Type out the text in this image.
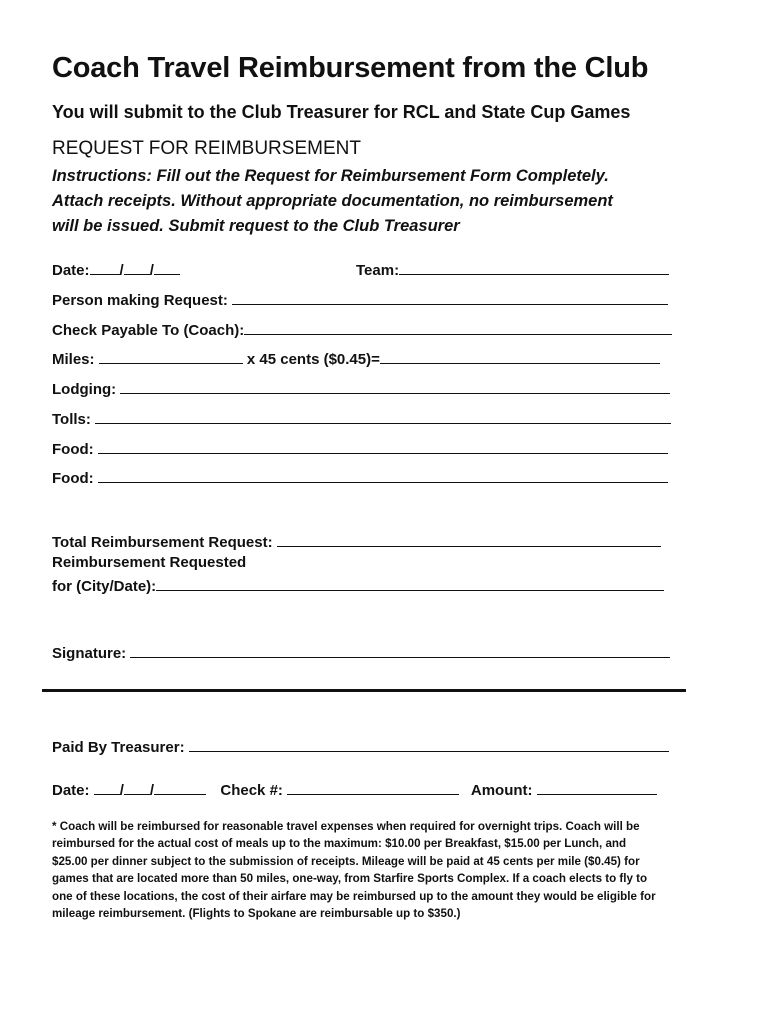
Coach Travel Reimbursement from the Club
You will submit to the Club Treasurer for RCL and State Cup Games
REQUEST FOR REIMBURSEMENT
Instructions: Fill out the Request for Reimbursement Form Completely.
Attach receipts. Without appropriate documentation, no reimbursement
will be issued. Submit request to the Club Treasurer
Date: / /	Team:
Person making Request:
Check Payable To (Coach):
Miles:	x 45 cents ($0.45)=
Lodging:
Tolls:
Food:
Food:
Total Reimbursement Request:
Reimbursement Requested
for (City/Date):
Signature:
Paid By Treasurer:
Date: / /	Check #:	Amount:
* Coach will be reimbursed for reasonable travel expenses when required for overnight trips. Coach will be
reimbursed for the actual cost of meals up to the maximum: $10.00 per Breakfast, $15.00 per Lunch, and
$25.00 per dinner subject to the submission of receipts. Mileage will be paid at 45 cents per mile ($0.45) for
games that are located more than 50 miles, one-way, from Starfire Sports Complex. If a coach elects to fly to
one of these locations, the cost of their airfare may be reimbursed up to the amount they would be eligible for
mileage reimbursement. (Flights to Spokane are reimbursable up to $350.)
